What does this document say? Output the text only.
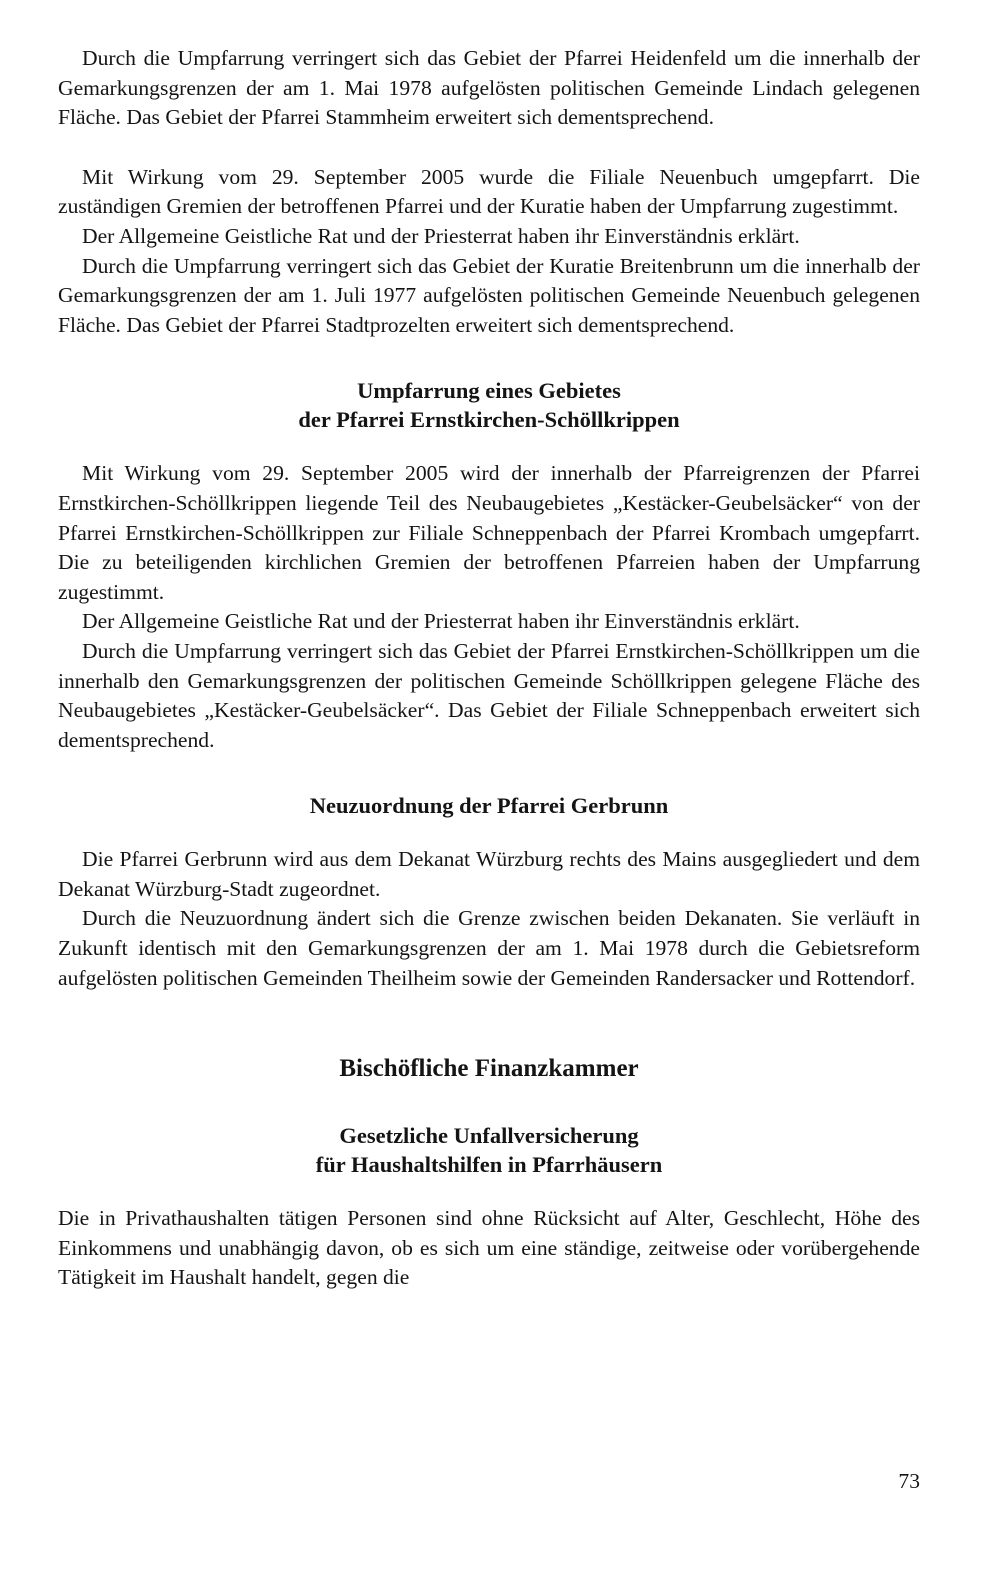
Durch die Umpfarrung verringert sich das Gebiet der Pfarrei Heidenfeld um die innerhalb der Gemarkungsgrenzen der am 1. Mai 1978 aufgelösten politischen Gemeinde Lindach gelegenen Fläche. Das Gebiet der Pfarrei Stammheim erweitert sich dementsprechend.

Mit Wirkung vom 29. September 2005 wurde die Filiale Neuenbuch umgepfarrt. Die zuständigen Gremien der betroffenen Pfarrei und der Kuratie haben der Umpfarrung zugestimmt.

Der Allgemeine Geistliche Rat und der Priesterrat haben ihr Einverständnis erklärt.

Durch die Umpfarrung verringert sich das Gebiet der Kuratie Breitenbrunn um die innerhalb der Gemarkungsgrenzen der am 1. Juli 1977 aufgelösten politischen Gemeinde Neuenbuch gelegenen Fläche. Das Gebiet der Pfarrei Stadtprozelten erweitert sich dementsprechend.

Umpfarrung eines Gebietes
der Pfarrei Ernstkirchen-Schöllkrippen

Mit Wirkung vom 29. September 2005 wird der innerhalb der Pfarreigrenzen der Pfarrei Ernstkirchen-Schöllkrippen liegende Teil des Neubaugebietes „Kestäcker-Geubelsäcker“ von der Pfarrei Ernstkirchen-Schöllkrippen zur Filiale Schneppenbach der Pfarrei Krombach umgepfarrt. Die zu beteiligenden kirchlichen Gremien der betroffenen Pfarreien haben der Umpfarrung zugestimmt.

Der Allgemeine Geistliche Rat und der Priesterrat haben ihr Einverständnis erklärt.

Durch die Umpfarrung verringert sich das Gebiet der Pfarrei Ernstkirchen-Schöllkrippen um die innerhalb den Gemarkungsgrenzen der politischen Gemeinde Schöllkrippen gelegene Fläche des Neubaugebietes „Kestäcker-Geubelsäcker“. Das Gebiet der Filiale Schneppenbach erweitert sich dementsprechend.

Neuzuordnung der Pfarrei Gerbrunn

Die Pfarrei Gerbrunn wird aus dem Dekanat Würzburg rechts des Mains ausgegliedert und dem Dekanat Würzburg-Stadt zugeordnet.

Durch die Neuzuordnung ändert sich die Grenze zwischen beiden Dekanaten. Sie verläuft in Zukunft identisch mit den Gemarkungsgrenzen der am 1. Mai 1978 durch die Gebietsreform aufgelösten politischen Gemeinden Theilheim sowie der Gemeinden Randersacker und Rottendorf.

Bischöfliche Finanzkammer
Gesetzliche Unfallversicherung
für Haushaltshilfen in Pfarrhäusern

Die in Privathaushalten tätigen Personen sind ohne Rücksicht auf Alter, Geschlecht, Höhe des Einkommens und unabhängig davon, ob es sich um eine ständige, zeitweise oder vorübergehende Tätigkeit im Haushalt handelt, gegen die

73
